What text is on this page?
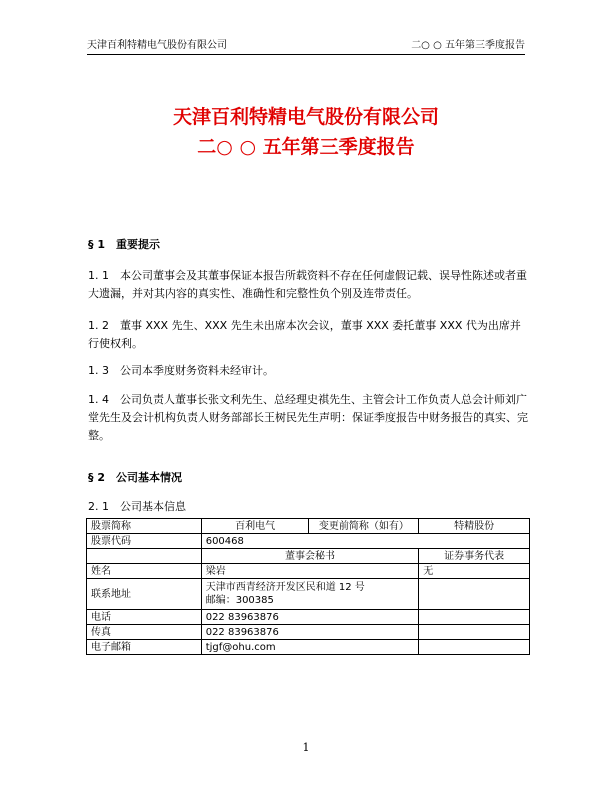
天津百利特精电气股份有限公司	二○ ○ 五年第三季度报告
天津百利特精电气股份有限公司
二○ ○ 五年第三季度报告
§ 1　重要提示
1. 1　本公司董事会及其董事保证本报告所载资料不存在任何虚假记载、误导性陈述或者重大遗漏，并对其内容的真实性、准确性和完整性负个别及连带责任。
1. 2　董事 XXX 先生、XXX 先生未出席本次会议，董事 XXX 委托董事 XXX 代为出席并行使权利。
1. 3　公司本季度财务资料未经审计。
1. 4　公司负责人董事长张文利先生、总经理史祺先生、主管会计工作负责人总会计师刘广堂先生及会计机构负责人财务部部长王树民先生声明：保证季度报告中财务报告的真实、完整。
§ 2　公司基本情况
2. 1　公司基本信息
股票简称	百利电气	变更前简称（如有）	特精股份
股票代码	600468		
	董事会秘书		证券事务代表
姓名	梁岩		无
联系地址	天津市西青经济开发区民和道 12 号
邮编：300385		

电话	022 83963876		
传真	022 83963876		
电子邮箱	tjgf@ohu.com		
1
